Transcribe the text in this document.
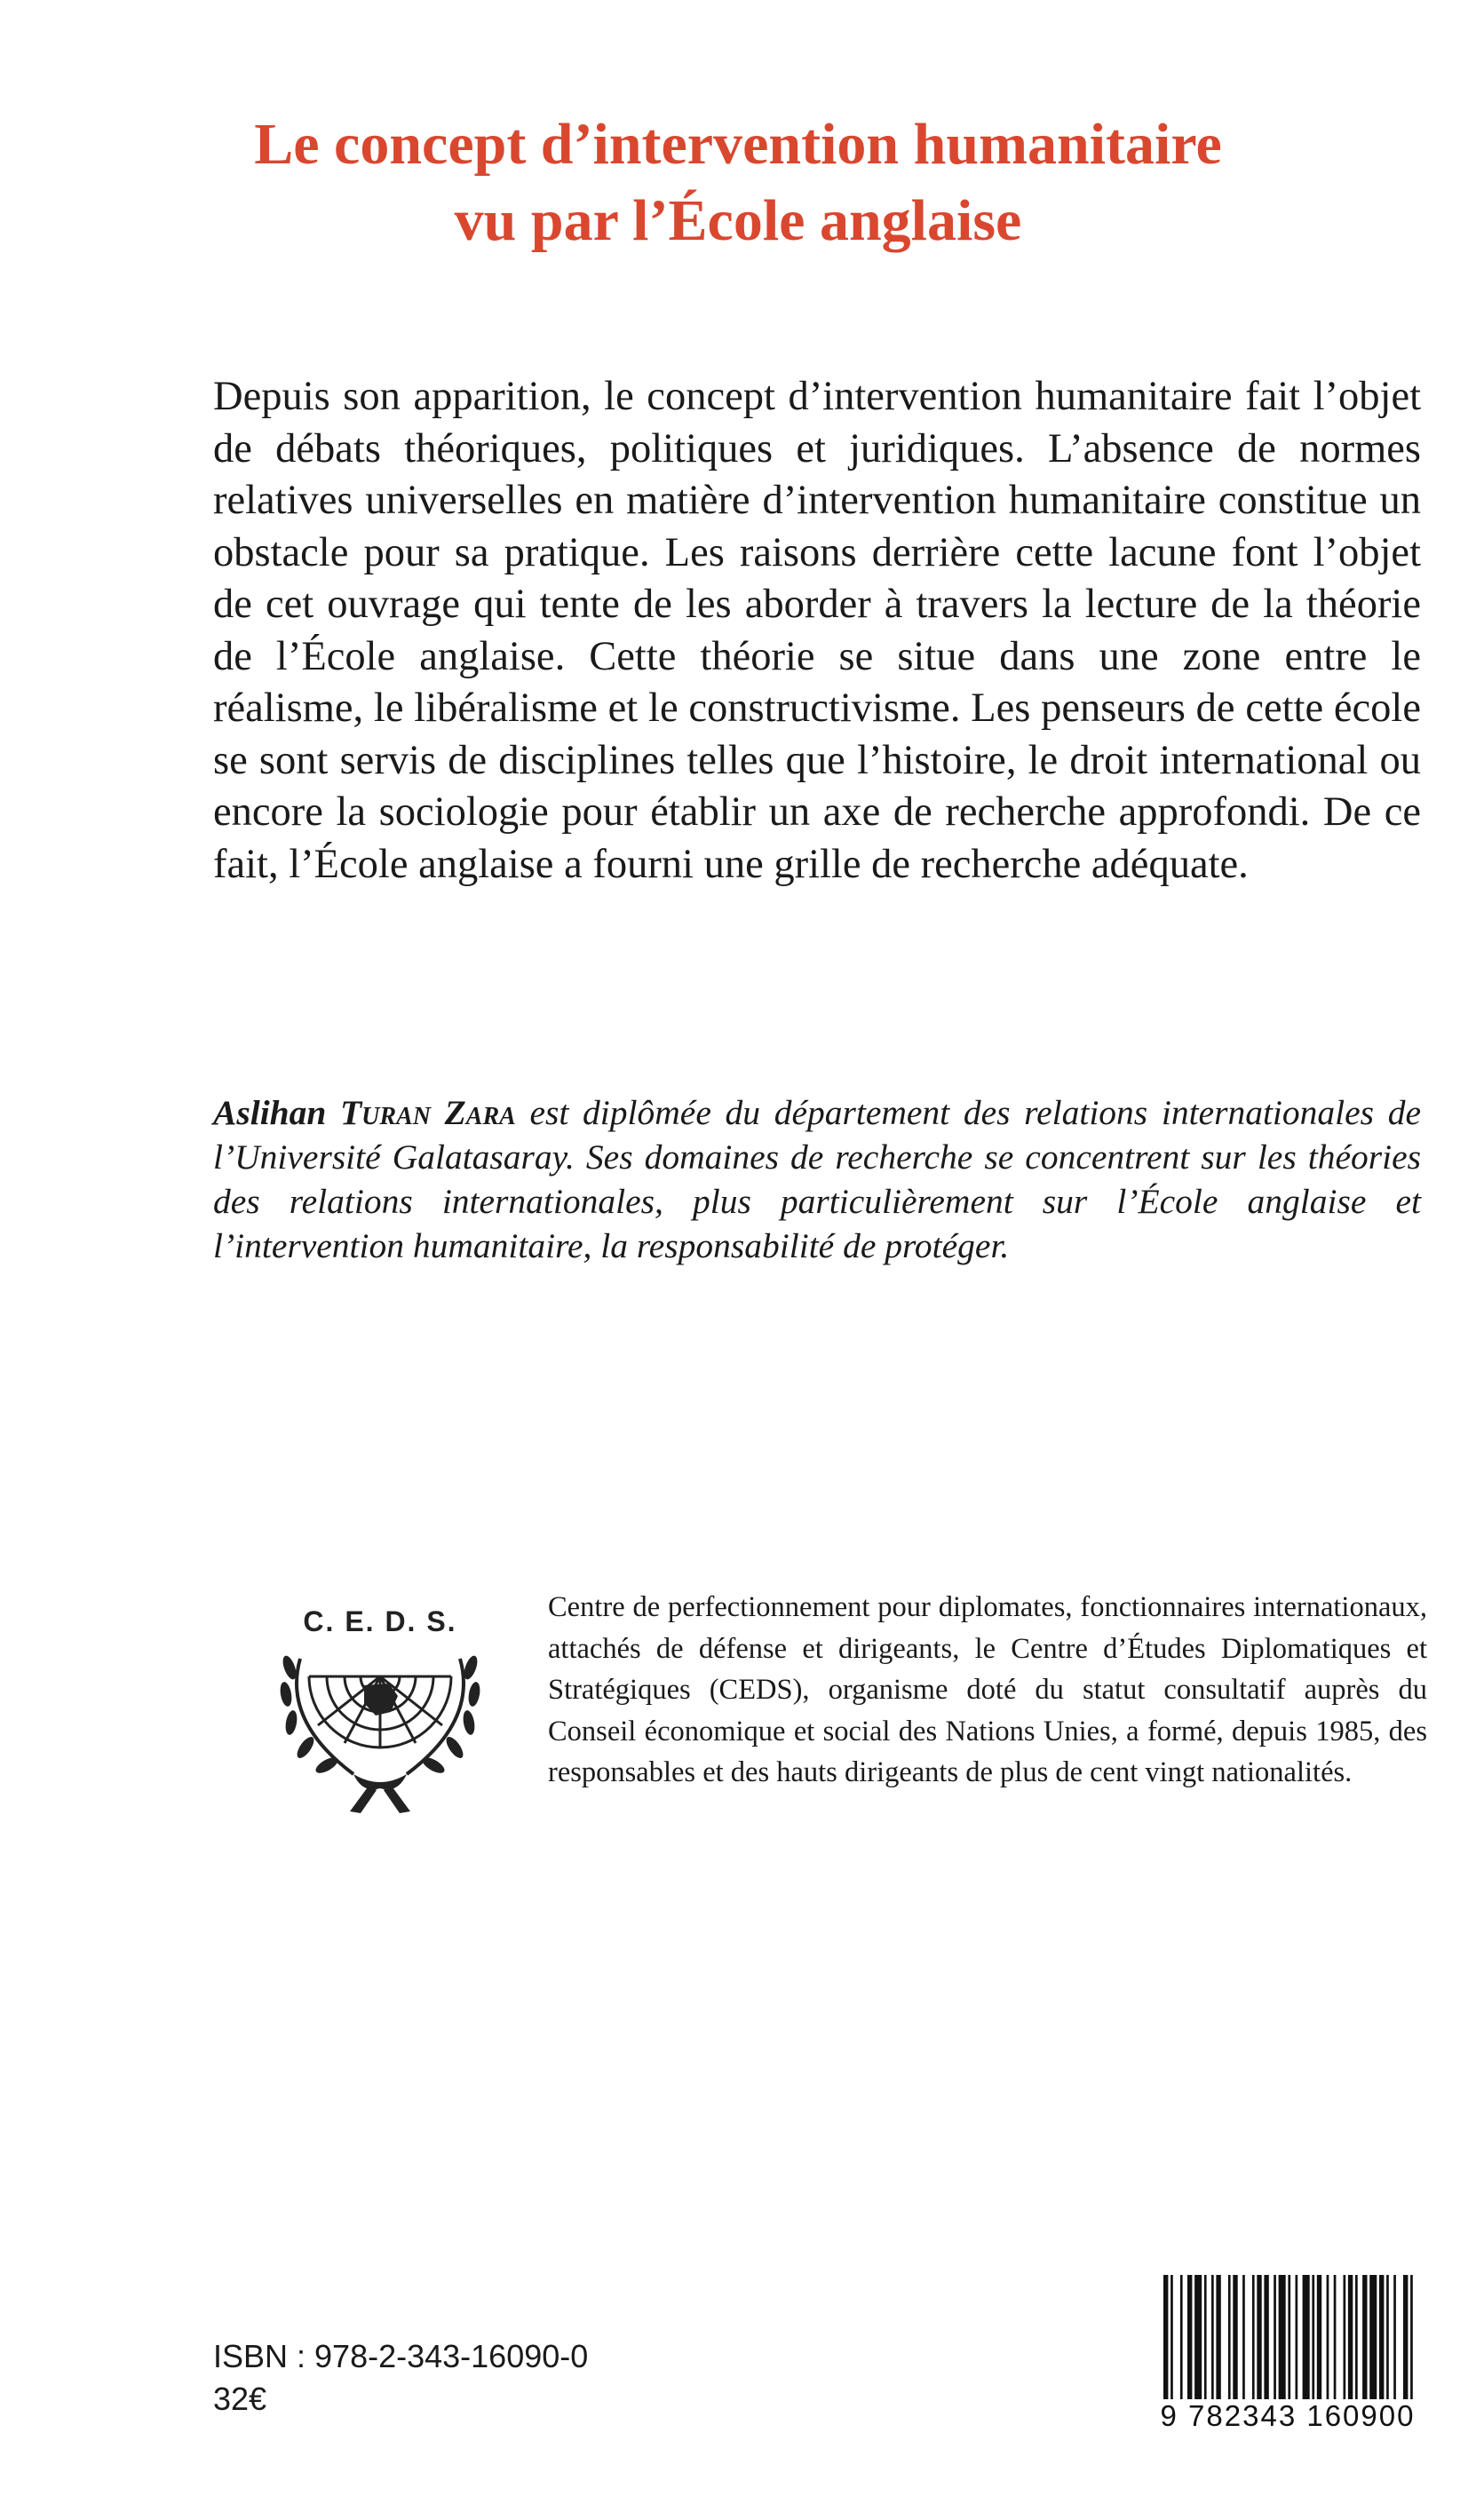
Le concept d’intervention humanitaire
vu par l’École anglaise

Depuis son apparition, le concept d’intervention humanitaire fait l’objet de débats théoriques, politiques et juridiques. L’absence de normes relatives universelles en matière d’intervention humanitaire constitue un obstacle pour sa pratique. Les raisons derrière cette lacune font l’objet de cet ouvrage qui tente de les aborder à travers la lecture de la théorie de l’École anglaise. Cette théorie se situe dans une zone entre le réalisme, le libéralisme et le constructivisme. Les penseurs de cette école se sont servis de disciplines telles que l’histoire, le droit international ou encore la sociologie pour établir un axe de recherche approfondi. De ce fait, l’École anglaise a fourni une grille de recherche adéquate.

Aslihan Turan Zara est diplômée du département des relations internationales de l’Université Galatasaray. Ses domaines de recherche se concentrent sur les théories des relations internationales, plus particulièrement sur l’École anglaise et l’intervention humanitaire, la responsabilité de protéger.

C. E. D. S.	Centre de perfectionnement pour diplomates, fonctionnaires internationaux, attachés de défense et dirigeants, le Centre d’Études Diplomatiques et Stratégiques (CEDS), organisme doté du statut consultatif auprès du Conseil économique et social des Nations Unies, a formé, depuis 1985, des responsables et des hauts dirigeants de plus de cent vingt nationalités.

ISBN : 978-2-343-16090-0
32€	9 782343 160900
